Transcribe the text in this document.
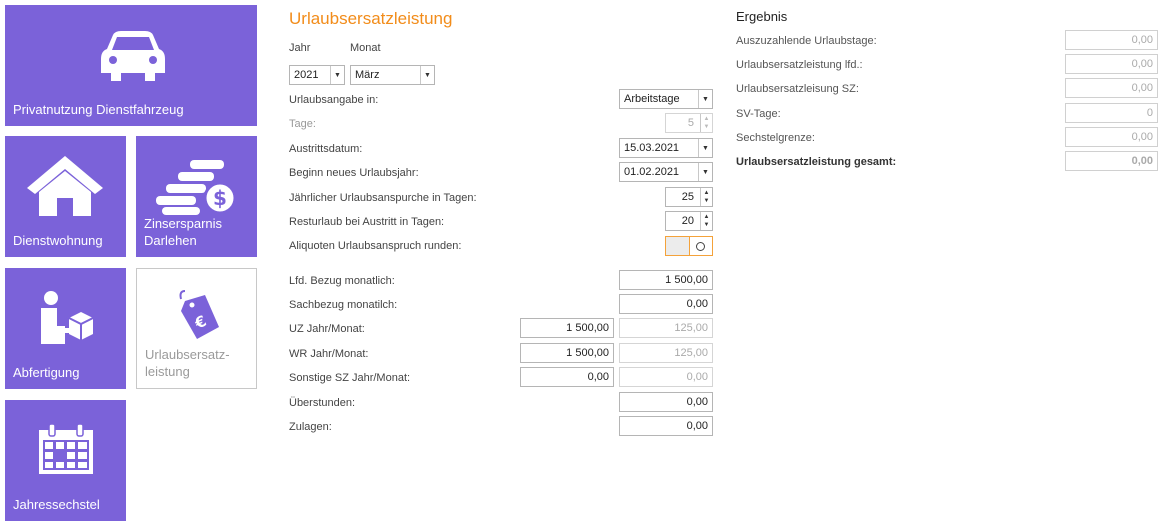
Privatnutzung Dienstfahrzeug
Dienstwohnung
$
Zinsersparnis
Darlehen
Abfertigung
€
Urlaubsersatz-
leistung
Jahressechstel
Urlaubsersatzleistung
Jahr	Monat
2021	▼	März	▼
Urlaubsangabe in:	Arbeitstage	▼
Tage:	5	▲
▼
Austrittsdatum:	15.03.2021	▼
Beginn neues Urlaubsjahr:	01.02.2021	▼
Jährlicher Urlaubsanspurche in Tagen:	25	▲
▼
Resturlaub bei Austritt in Tagen:	20	▲
▼
Aliquoten Urlaubsanspruch runden:
Lfd. Bezug monatlich:	1 500,00
Sachbezug monatilch:	0,00
UZ Jahr/Monat:	1 500,00	125,00
WR Jahr/Monat:	1 500,00	125,00
Sonstige SZ Jahr/Monat:	0,00	0,00
Überstunden:	0,00
Zulagen:	0,00
Ergebnis
Auszuzahlende Urlaubstage:	0,00
Urlaubsersatzleistung lfd.:	0,00
Urlaubsersatzleisung SZ:	0,00
SV-Tage:	0
Sechstelgrenze:	0,00
Urlaubsersatzleistung gesamt:	0,00
